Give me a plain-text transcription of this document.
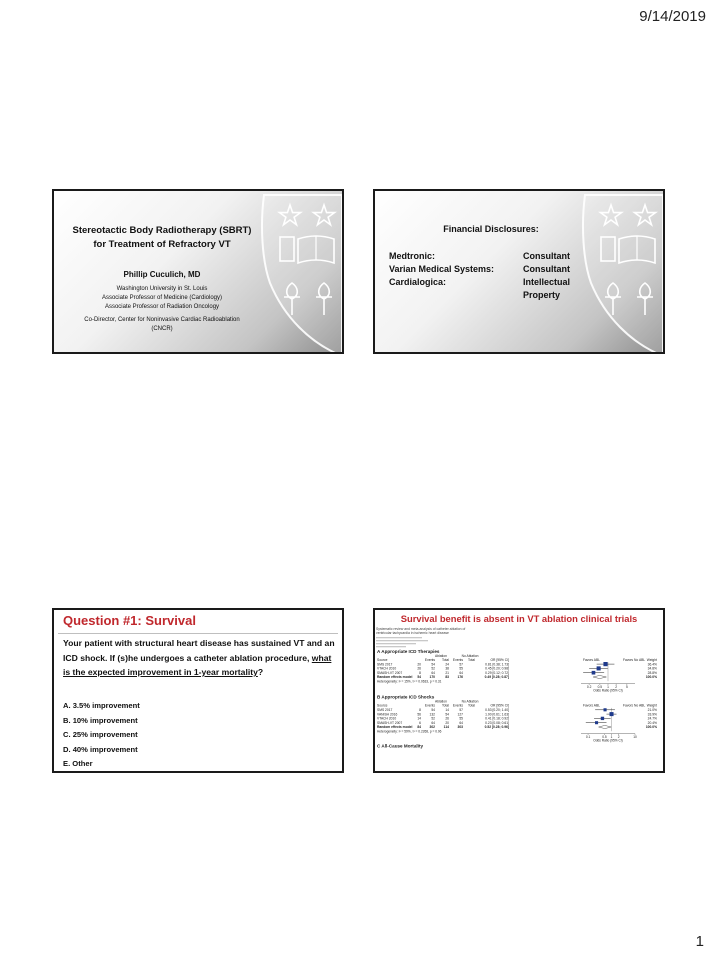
9/14/2019
Stereotactic Body Radiotherapy (SBRT)
for Treatment of Refractory VT
Phillip Cuculich, MD
Washington University in St. Louis
Associate Professor of Medicine (Cardiology)
Associate Professor of Radiation Oncology
Co-Director, Center for Noninvasive Cardiac Radioablation
(CNCR)
Financial Disclosures:
Medtronic:	Consultant
Varian Medical Systems:	Consultant
Cardialogica:	Intellectual Property
Question #1: Survival
Your patient with structural heart disease has sustained VT and an ICD shock. If (s)he undergoes a catheter ablation procedure, what is the expected improvement in 1-year mortality?
A. 3.5% improvement
B. 10% improvement
C. 25% improvement
D. 40% improvement
E. Other
Survival benefit is absent in VT ablation clinical trials
Systematic review and meta-analysis of catheter ablation of
ventricular tachycardia in ischemic heart disease
A Appropriate ICD Therapies
Ablation	No Ablation
Source	Events Total Events Total	OR [95% CI]	Favors ABL	Favors No ABL Weight
SMS 2017	20	54	24	57	0.81 [0.38; 1.73]	36.4%
VTACH 2010	26	52	38	55	0.45 [0.20; 0.98]	34.8%
SMASH-VT 2007	8	64	21	64	0.29 [0.12; 0.72]	28.8%
Random effects model 54	170	83	176	0.49 [0.28; 0.87]	100.0%
Heterogeneity: I² = 15%, τ² = 0.0633, p = 0.31
0.2 0.5 1 2	5
Odds Ratio (95% CI)
B Appropriate ICD Shocks
Ablation	No Ablation
Source	Events Total Events Total	OR [95% CI]	Favors ABL	Favors No ABL Weight
SMS 2017	8	54	14	57	0.53 [0.20; 1.40]	21.0%
VANISH 2016	56	132	54	127	1.00 [0.61; 1.63]	33.9%
VTACH 2010	14	52	26	55	0.41 [0.18; 0.92]	24.7%
SMASH-VT 2007	6	64	20	64	0.23 [0.08; 0.61]	20.4%
Random effects model 84	302	114	303	0.52 [0.28; 0.96]	100.0%
Heterogeneity: I² = 59%, τ² = 0.2268, p = 0.06
0.1	0.5 1 2	10
Odds Ratio (95% CI)
C All-Cause Mortality
1
